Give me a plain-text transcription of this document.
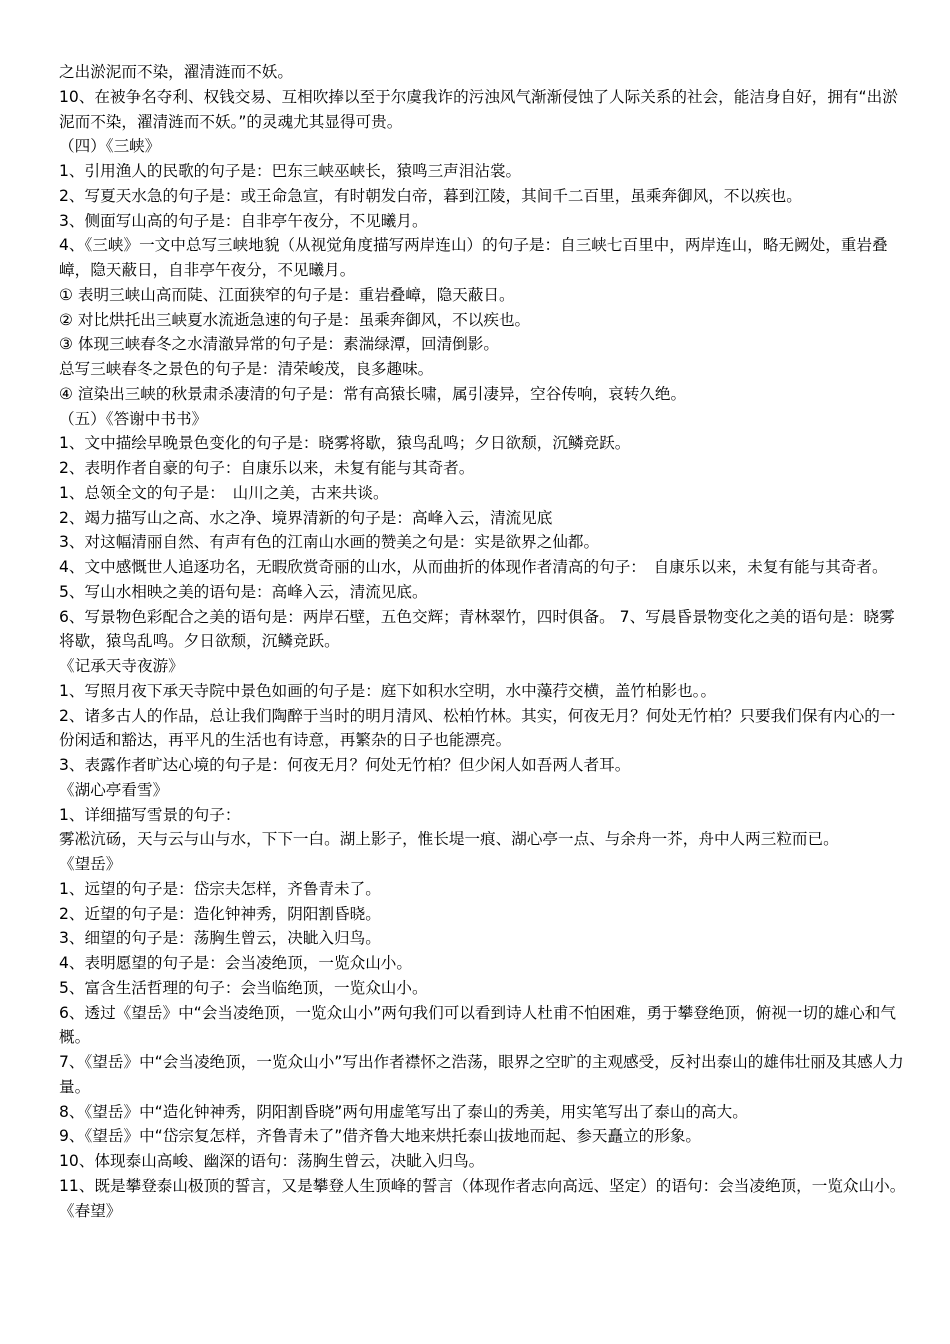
之出淤泥而不染，濯清涟而不妖。

10、在被争名夺利、权钱交易、互相吹捧以至于尔虞我诈的污浊风气渐渐侵蚀了人际关系的社会，能洁身自好，拥有“出淤泥而不染，濯清涟而不妖。”的灵魂尤其显得可贵。

（四）《三峡》

1、引用渔人的民歌的句子是：巴东三峡巫峡长，猿鸣三声泪沾裳。

2、写夏天水急的句子是：或王命急宣，有时朝发白帝，暮到江陵，其间千二百里，虽乘奔御风，不以疾也。

3、侧面写山高的句子是：自非亭午夜分，不见曦月。

4、《三峡》一文中总写三峡地貌（从视觉角度描写两岸连山）的句子是：自三峡七百里中，两岸连山，略无阙处，重岩叠嶂，隐天蔽日，自非亭午夜分，不见曦月。

① 表明三峡山高而陡、江面狭窄的句子是：重岩叠嶂，隐天蔽日。

② 对比烘托出三峡夏水流逝急速的句子是：虽乘奔御风，不以疾也。

③ 体现三峡春冬之水清澈异常的句子是：素湍绿潭，回清倒影。

总写三峡春冬之景色的句子是：清荣峻茂，良多趣味。

④ 渲染出三峡的秋景肃杀凄清的句子是：常有高猿长啸，属引凄异，空谷传响，哀转久绝。

（五）《答谢中书书》

1、文中描绘早晚景色变化的句子是：晓雾将歇，猿鸟乱鸣；夕日欲颓，沉鳞竞跃。

2、表明作者自豪的句子：自康乐以来，未复有能与其奇者。

1、总领全文的句子是：　山川之美，古来共谈。

2、竭力描写山之高、水之净、境界清新的句子是：高峰入云，清流见底

3、对这幅清丽自然、有声有色的江南山水画的赞美之句是：实是欲界之仙都。

4、文中感慨世人追逐功名，无暇欣赏奇丽的山水，从而曲折的体现作者清高的句子：　自康乐以来，未复有能与其奇者。

5、写山水相映之美的语句是：高峰入云，清流见底。

6、写景物色彩配合之美的语句是：两岸石壁，五色交辉；青林翠竹，四时俱备。 7、写晨昏景物变化之美的语句是：晓雾将歇，猿鸟乱鸣。夕日欲颓，沉鳞竞跃。

《记承天寺夜游》

1、写照月夜下承天寺院中景色如画的句子是：庭下如积水空明，水中藻荇交横，盖竹柏影也。。

2、诸多古人的作品，总让我们陶醉于当时的明月清风、松柏竹林。其实，何夜无月？何处无竹柏？只要我们保有内心的一份闲适和豁达，再平凡的生活也有诗意，再繁杂的日子也能漂亮。

3、表露作者旷达心境的句子是：何夜无月？何处无竹柏？但少闲人如吾两人者耳。

《湖心亭看雪》

1、详细描写雪景的句子：

雾凇沆砀，天与云与山与水，下下一白。湖上影子，惟长堤一痕、湖心亭一点、与余舟一芥，舟中人两三粒而已。

《望岳》

1、远望的句子是：岱宗夫怎样，齐鲁青未了。

2、近望的句子是：造化钟神秀，阴阳割昏晓。

3、细望的句子是：荡胸生曾云，决眦入归鸟。

4、表明愿望的句子是：会当凌绝顶，一览众山小。

5、富含生活哲理的句子：会当临绝顶，一览众山小。

6、透过《望岳》中“会当凌绝顶，一览众山小”两句我们可以看到诗人杜甫不怕困难，勇于攀登绝顶，俯视一切的雄心和气概。

7、《望岳》中“会当凌绝顶，一览众山小”写出作者襟怀之浩荡，眼界之空旷的主观感受，反衬出泰山的雄伟壮丽及其感人力量。

8、《望岳》中“造化钟神秀，阴阳割昏晓”两句用虚笔写出了泰山的秀美，用实笔写出了泰山的高大。

9、《望岳》中“岱宗复怎样，齐鲁青未了”借齐鲁大地来烘托泰山拔地而起、参天矗立的形象。

10、体现泰山高峻、幽深的语句：荡胸生曾云，决眦入归鸟。

11、既是攀登泰山极顶的誓言，又是攀登人生顶峰的誓言（体现作者志向高远、坚定）的语句：会当凌绝顶，一览众山小。

《春望》
